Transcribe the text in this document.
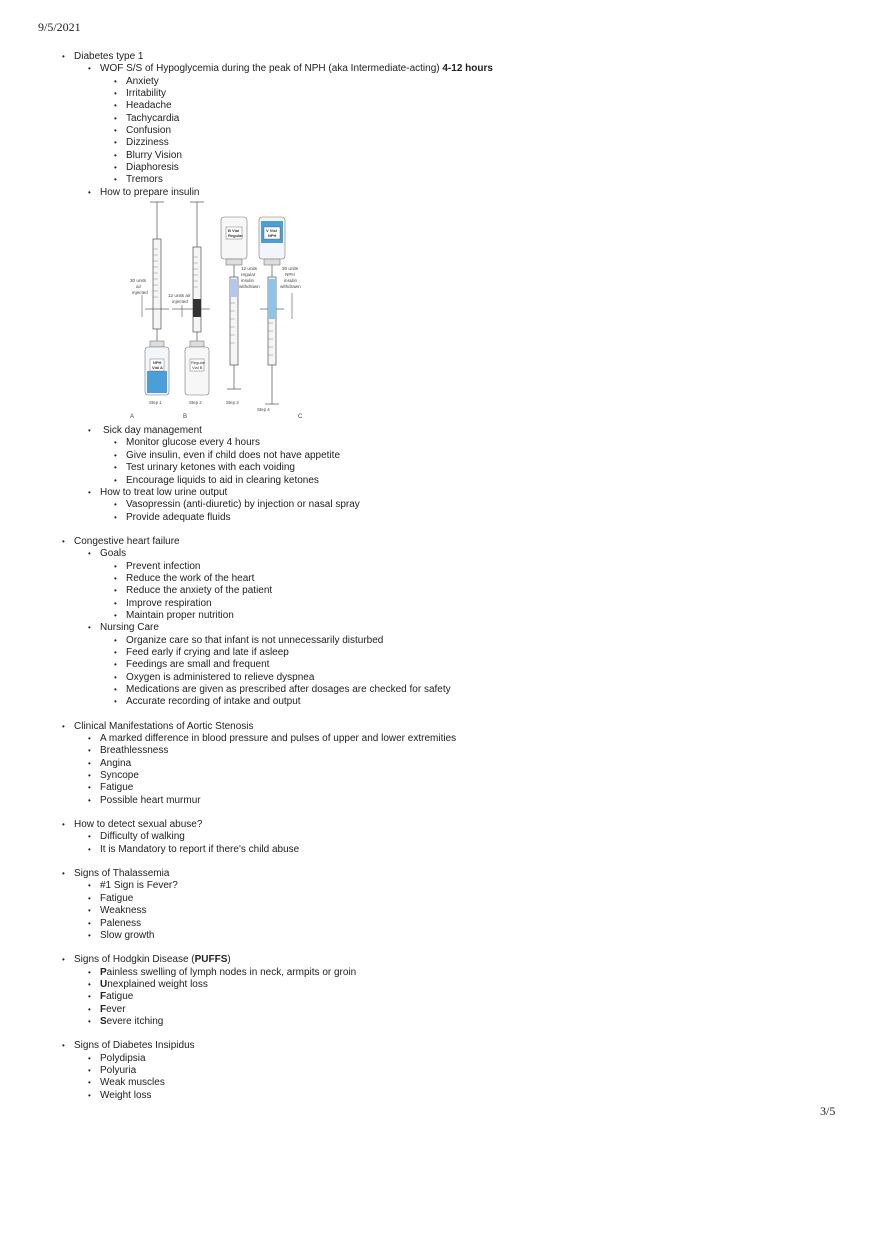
9/5/2021
• Diabetes type 1
• WOF S/S of Hypoglycemia during the peak of NPH (aka Intermediate-acting) 4-12 hours
• Anxiety
• Irritability
• Headache
• Tachycardia
• Confusion
• Dizziness
• Blurry Vision
• Diaphoresis
• Tremors
• How to prepare insulin
30 units air injected
NPH Vial A
12 units air injected
Regular Vial B
B Vial Regular
12 units regular insulin withdrawn
V Vial NPH
30 units NPH insulin withdrawn
Step 1	Step 2	Step 3Step 4
A	B	C
• Sick day management
• Monitor glucose every 4 hours
• Give insulin, even if child does not have appetite
• Test urinary ketones with each voiding
• Encourage liquids to aid in clearing ketones
• How to treat low urine output
• Vasopressin (anti-diuretic) by injection or nasal spray
• Provide adequate fluids
• Congestive heart failure
• Goals
• Prevent infection
• Reduce the work of the heart
• Reduce the anxiety of the patient
• Improve respiration
• Maintain proper nutrition
• Nursing Care
• Organize care so that infant is not unnecessarily disturbed
• Feed early if crying and late if asleep
• Feedings are small and frequent
• Oxygen is administered to relieve dyspnea
• Medications are given as prescribed after dosages are checked for safety
• Accurate recording of intake and output
• Clinical Manifestations of Aortic Stenosis
• A marked difference in blood pressure and pulses of upper and lower extremities
• Breathlessness
• Angina
• Syncope
• Fatigue
• Possible heart murmur
• How to detect sexual abuse?
• Difficulty of walking
• It is Mandatory to report if there's child abuse
• Signs of Thalassemia
• #1 Sign is Fever?
• Fatigue
• Weakness
• Paleness
• Slow growth
• Signs of Hodgkin Disease (PUFFS)
• Painless swelling of lymph nodes in neck, armpits or groin
• Unexplained weight loss
• Fatigue
• Fever
• Severe itching
• Signs of Diabetes Insipidus
• Polydipsia
• Polyuria
• Weak muscles
• Weight loss
3/5
